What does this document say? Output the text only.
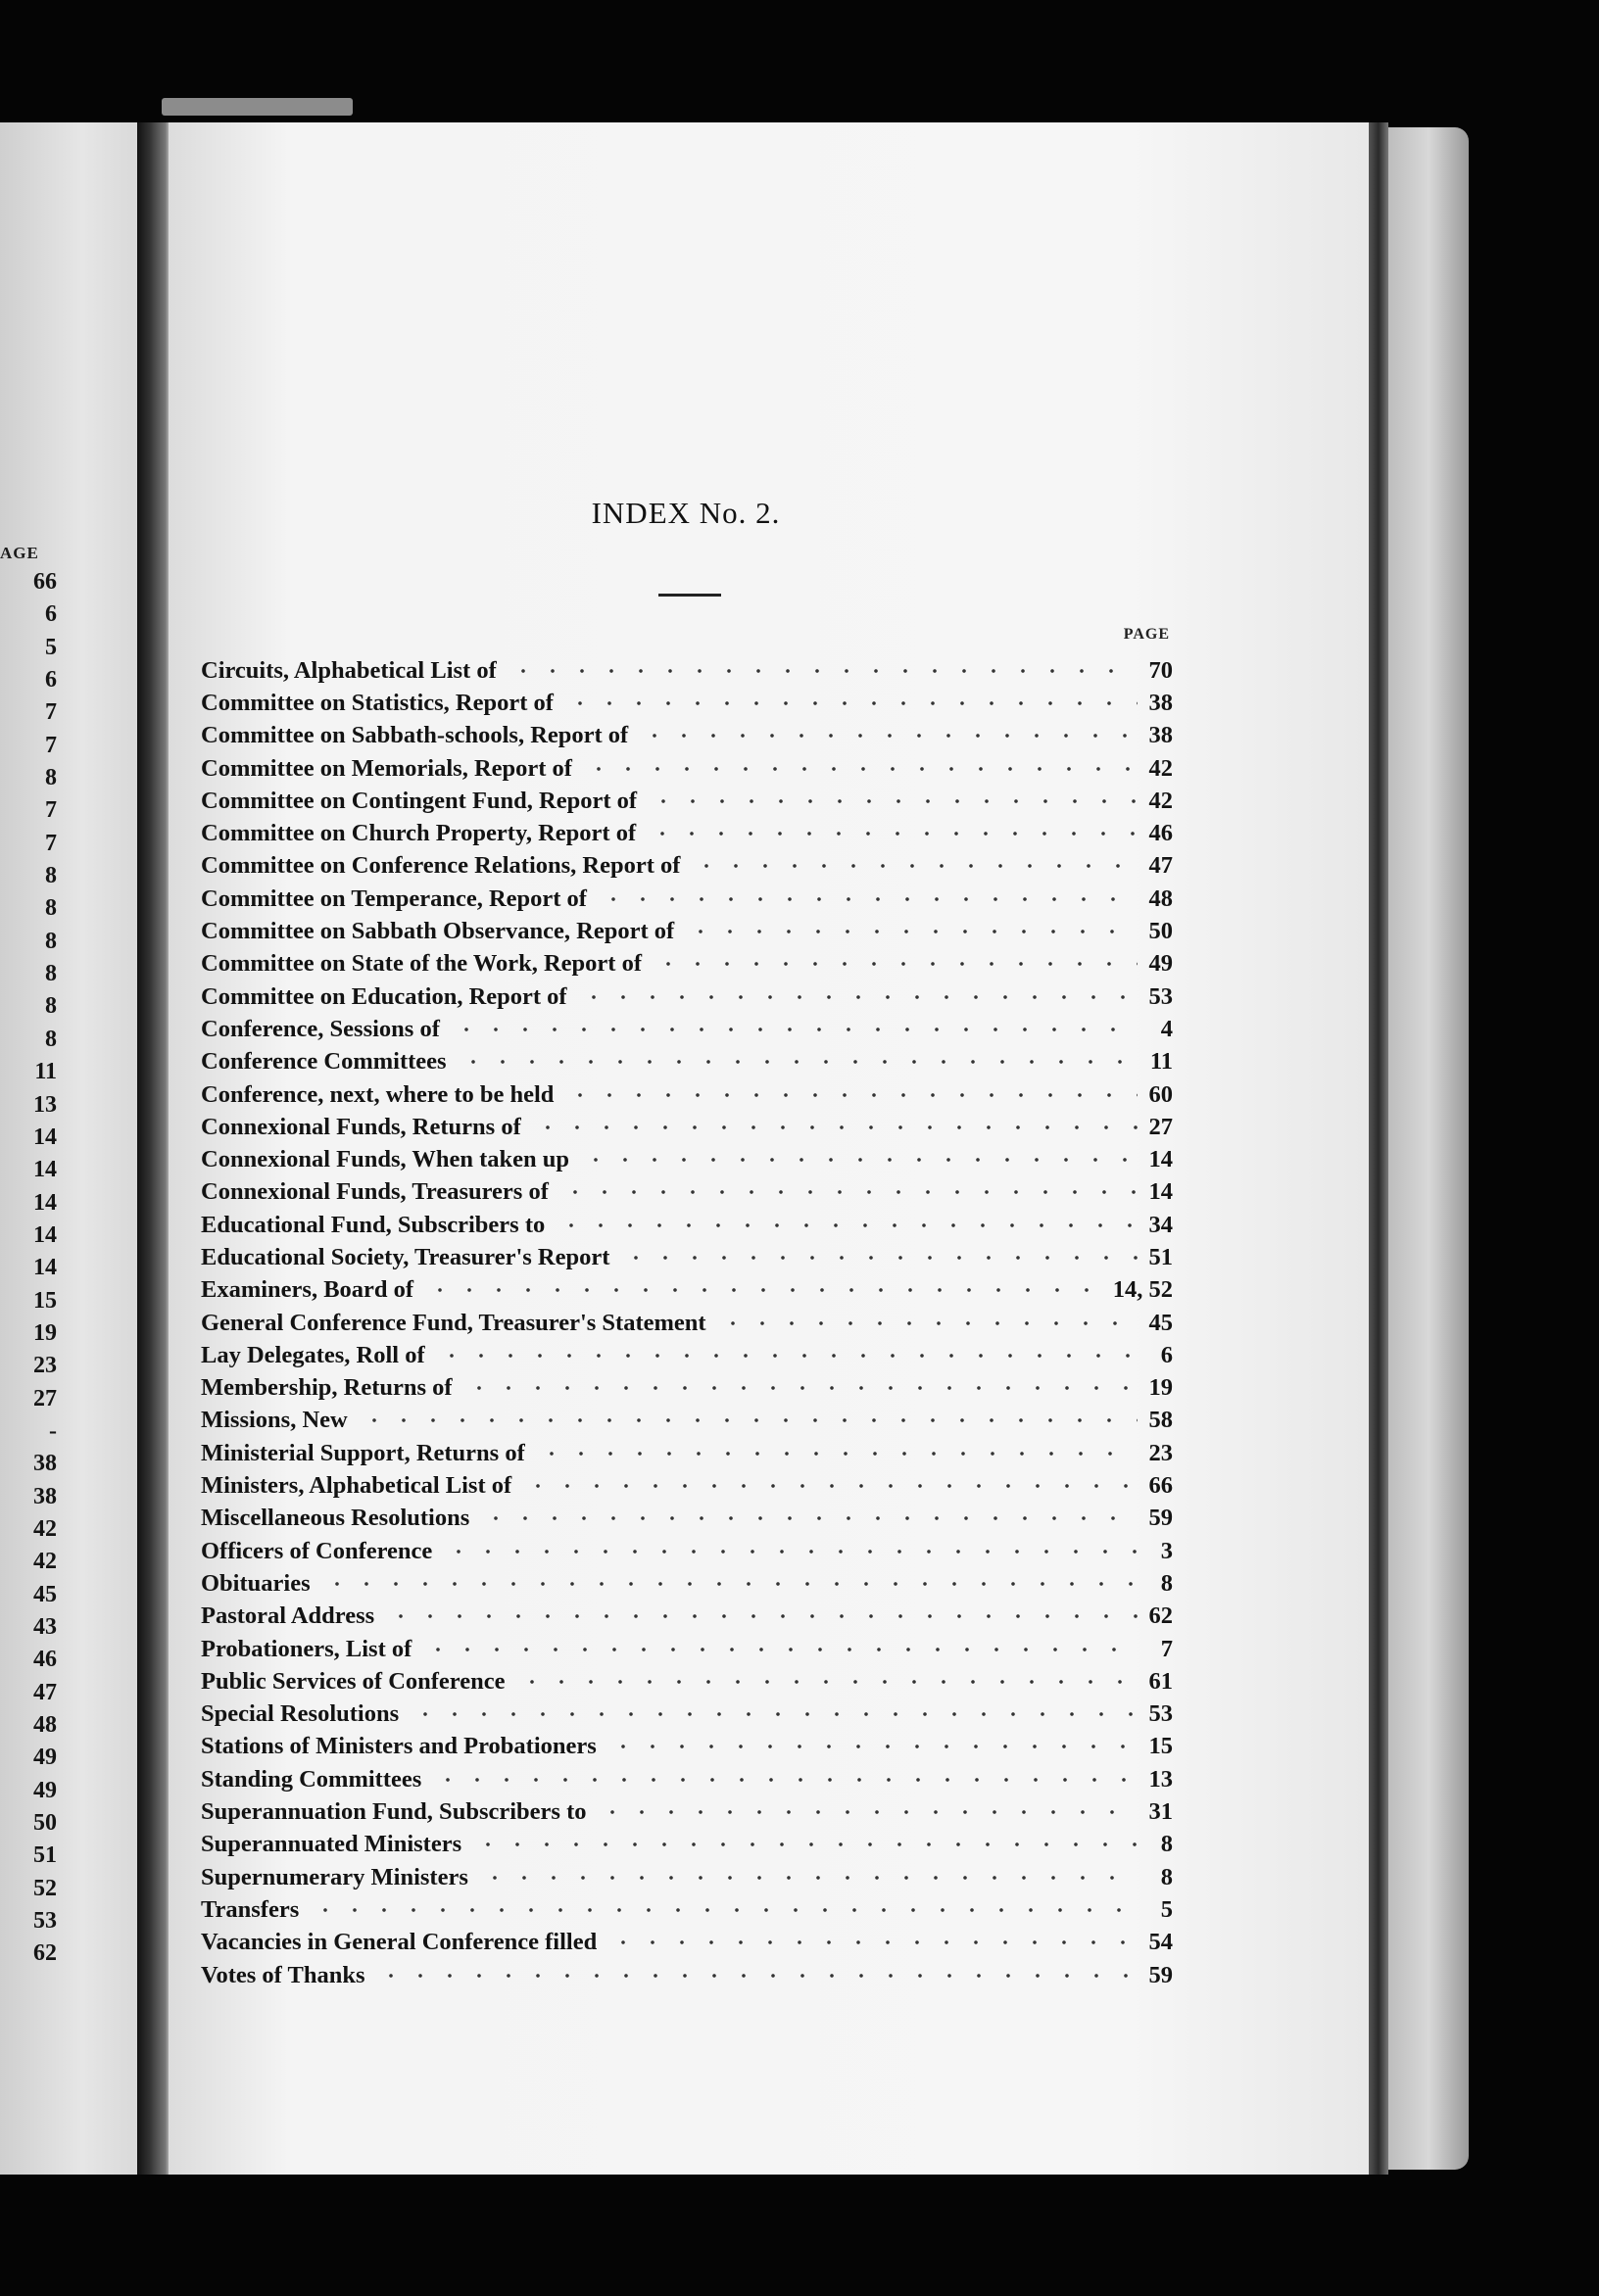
AGE
66
6
5
6
7
7
8
7
7
8
8
8
8
8
8
11
13
14
14
14
14
14
15
19
23
27
-
38
38
42
42
45
43
46
47
48
49
49
50
51
52
53
62
INDEX No. 2.
PAGE
Circuits, Alphabetical List of	70
Committee on Statistics, Report of	38
Committee on Sabbath-schools, Report of	38
Committee on Memorials, Report of	42
Committee on Contingent Fund, Report of	42
Committee on Church Property, Report of	46
Committee on Conference Relations, Report of	47
Committee on Temperance, Report of	48
Committee on Sabbath Observance, Report of	50
Committee on State of the Work, Report of	49
Committee on Education, Report of	53
Conference, Sessions of	4
Conference Committees	11
Conference, next, where to be held	60
Connexional Funds, Returns of	27
Connexional Funds, When taken up	14
Connexional Funds, Treasurers of	14
Educational Fund, Subscribers to	34
Educational Society, Treasurer's Report	51
Examiners, Board of	14, 52
General Conference Fund, Treasurer's Statement	45
Lay Delegates, Roll of	6
Membership, Returns of	19
Missions, New	58
Ministerial Support, Returns of	23
Ministers, Alphabetical List of	66
Miscellaneous Resolutions	59
Officers of Conference	3
Obituaries	8
Pastoral Address	62
Probationers, List of	7
Public Services of Conference	61
Special Resolutions	53
Stations of Ministers and Probationers	15
Standing Committees	13
Superannuation Fund, Subscribers to	31
Superannuated Ministers	8
Supernumerary Ministers	8
Transfers	5
Vacancies in General Conference filled	54
Votes of Thanks	59
